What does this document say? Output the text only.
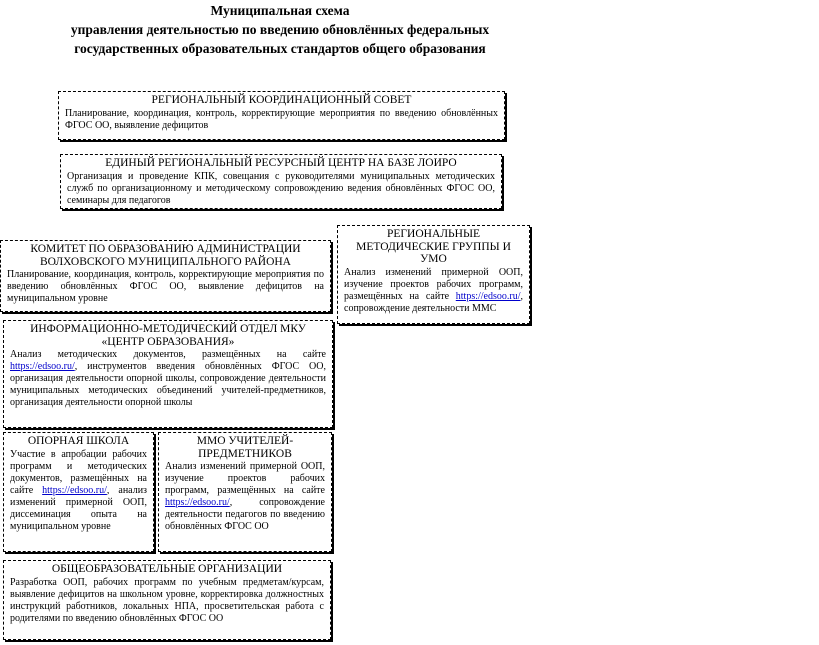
Муниципальная схема
управления деятельностью по введению обновлённых федеральных
государственных образовательных стандартов общего образования
РЕГИОНАЛЬНЫЙ КООРДИНАЦИОННЫЙ СОВЕТ
Планирование, координация, контроль, корректирующие мероприятия по введению обновлённых ФГОС ОО, выявление дефицитов
ЕДИНЫЙ РЕГИОНАЛЬНЫЙ РЕСУРСНЫЙ ЦЕНТР НА БАЗЕ ЛОИРО
Организация и проведение КПК, совещания с руководителями муниципальных методических служб по организационному и методическому сопровождению ведения обновлённых ФГОС ОО, семинары для педагогов
КОМИТЕТ ПО ОБРАЗОВАНИЮ АДМИНИСТРАЦИИ ВОЛХОВСКОГО МУНИЦИПАЛЬНОГО РАЙОНА
Планирование, координация, контроль, корректирующие мероприятия по введению обновлённых ФГОС ОО, выявление дефицитов на муниципальном уровне
РЕГИОНАЛЬНЫЕ МЕТОДИЧЕСКИЕ ГРУППЫ И УМО
Анализ изменений примерной ООП, изучение проектов рабочих программ, размещённых на сайте https://edsoo.ru/, сопровождение деятельности ММС
ИНФОРМАЦИОННО-МЕТОДИЧЕСКИЙ ОТДЕЛ МКУ «ЦЕНТР ОБРАЗОВАНИЯ»
Анализ методических документов, размещённых на сайте https://edsoo.ru/, инструментов введения обновлённых ФГОС ОО, организация деятельности опорной школы, сопровождение деятельности муниципальных методических объединений учителей-предметников, организация деятельности опорной школы
ОПОРНАЯ ШКОЛА
Участие в апробации рабочих программ и методических документов, размещённых на сайте https://edsoo.ru/, анализ изменений примерной ООП, диссеминация опыта на муниципальном уровне
ММО УЧИТЕЛЕЙ-ПРЕДМЕТНИКОВ
Анализ изменений примерной ООП, изучение проектов рабочих программ, размещённых на сайте https://edsoo.ru/, сопровождение деятельности педагогов по введению обновлённых ФГОС ОО
ОБЩЕОБРАЗОВАТЕЛЬНЫЕ ОРГАНИЗАЦИИ
Разработка ООП, рабочих программ по учебным предметам/курсам, выявление дефицитов на школьном уровне, корректировка должностных инструкций работников, локальных НПА, просветительская работа с родителями по введению обновлённых ФГОС ОО
